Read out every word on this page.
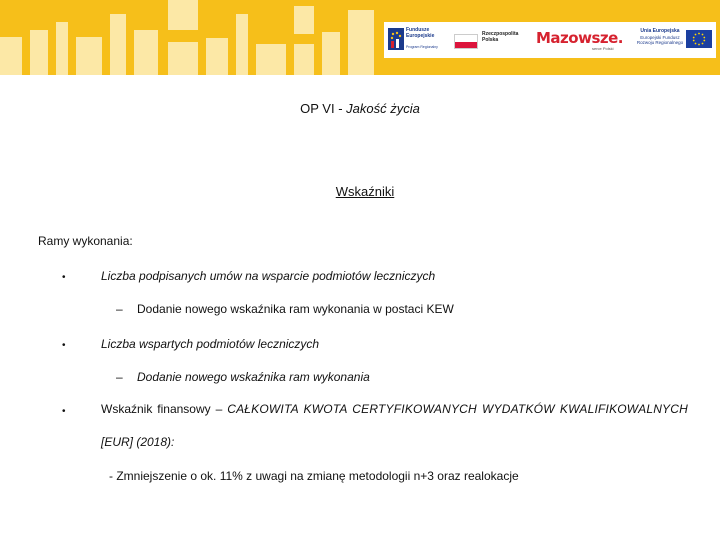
Fundusze
Europejskie
Program Regionalny
Rzeczpospolita
Polska	Mazowsze.
serce Polski
Unia Europejska
Europejski Fundusz
Rozwoju Regionalnego
OP VI - Jakość życia
Wskaźniki
Ramy wykonania:
•	Liczba podpisanych umów na wsparcie podmiotów leczniczych
– Dodanie nowego wskaźnika ram wykonania w postaci KEW
•	Liczba wspartych podmiotów leczniczych
– Dodanie nowego wskaźnika ram wykonania
•	Wskaźnik finansowy – CAŁKOWITA KWOTA CERTYFIKOWANYCH WYDATKÓW KWALIFIKOWALNYCH
[EUR] (2018):
- Zmniejszenie o ok. 11% z uwagi na zmianę metodologii n+3 oraz realokacje
